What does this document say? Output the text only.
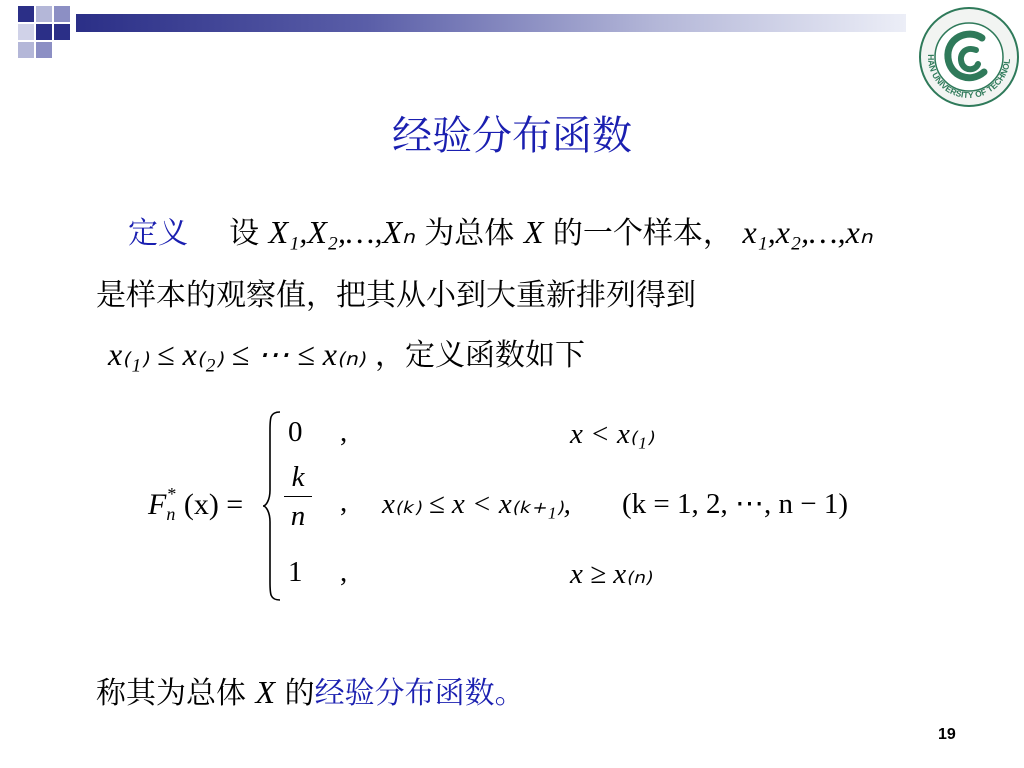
HAN UNIVERSITY OF TECHNOL
经验分布函数
定义 设 X₁,X₂,…,Xₙ 为总体 X 的一个样本， x₁,x₂,…,xₙ
是样本的观察值，把其从小到大重新排列得到
x₍₁₎ ≤ x₍₂₎ ≤ ⋯ ≤ x₍ₙ₎ ，定义函数如下
$F_n^*$ (x) =
0 ,	x < x₍₁₎
k
n , x₍ₖ₎ ≤ x < x₍ₖ₊₁₎, (k = 1, 2, ⋯, n − 1)
1 ,	x ≥ x₍ₙ₎
称其为总体 X 的经验分布函数。
19
